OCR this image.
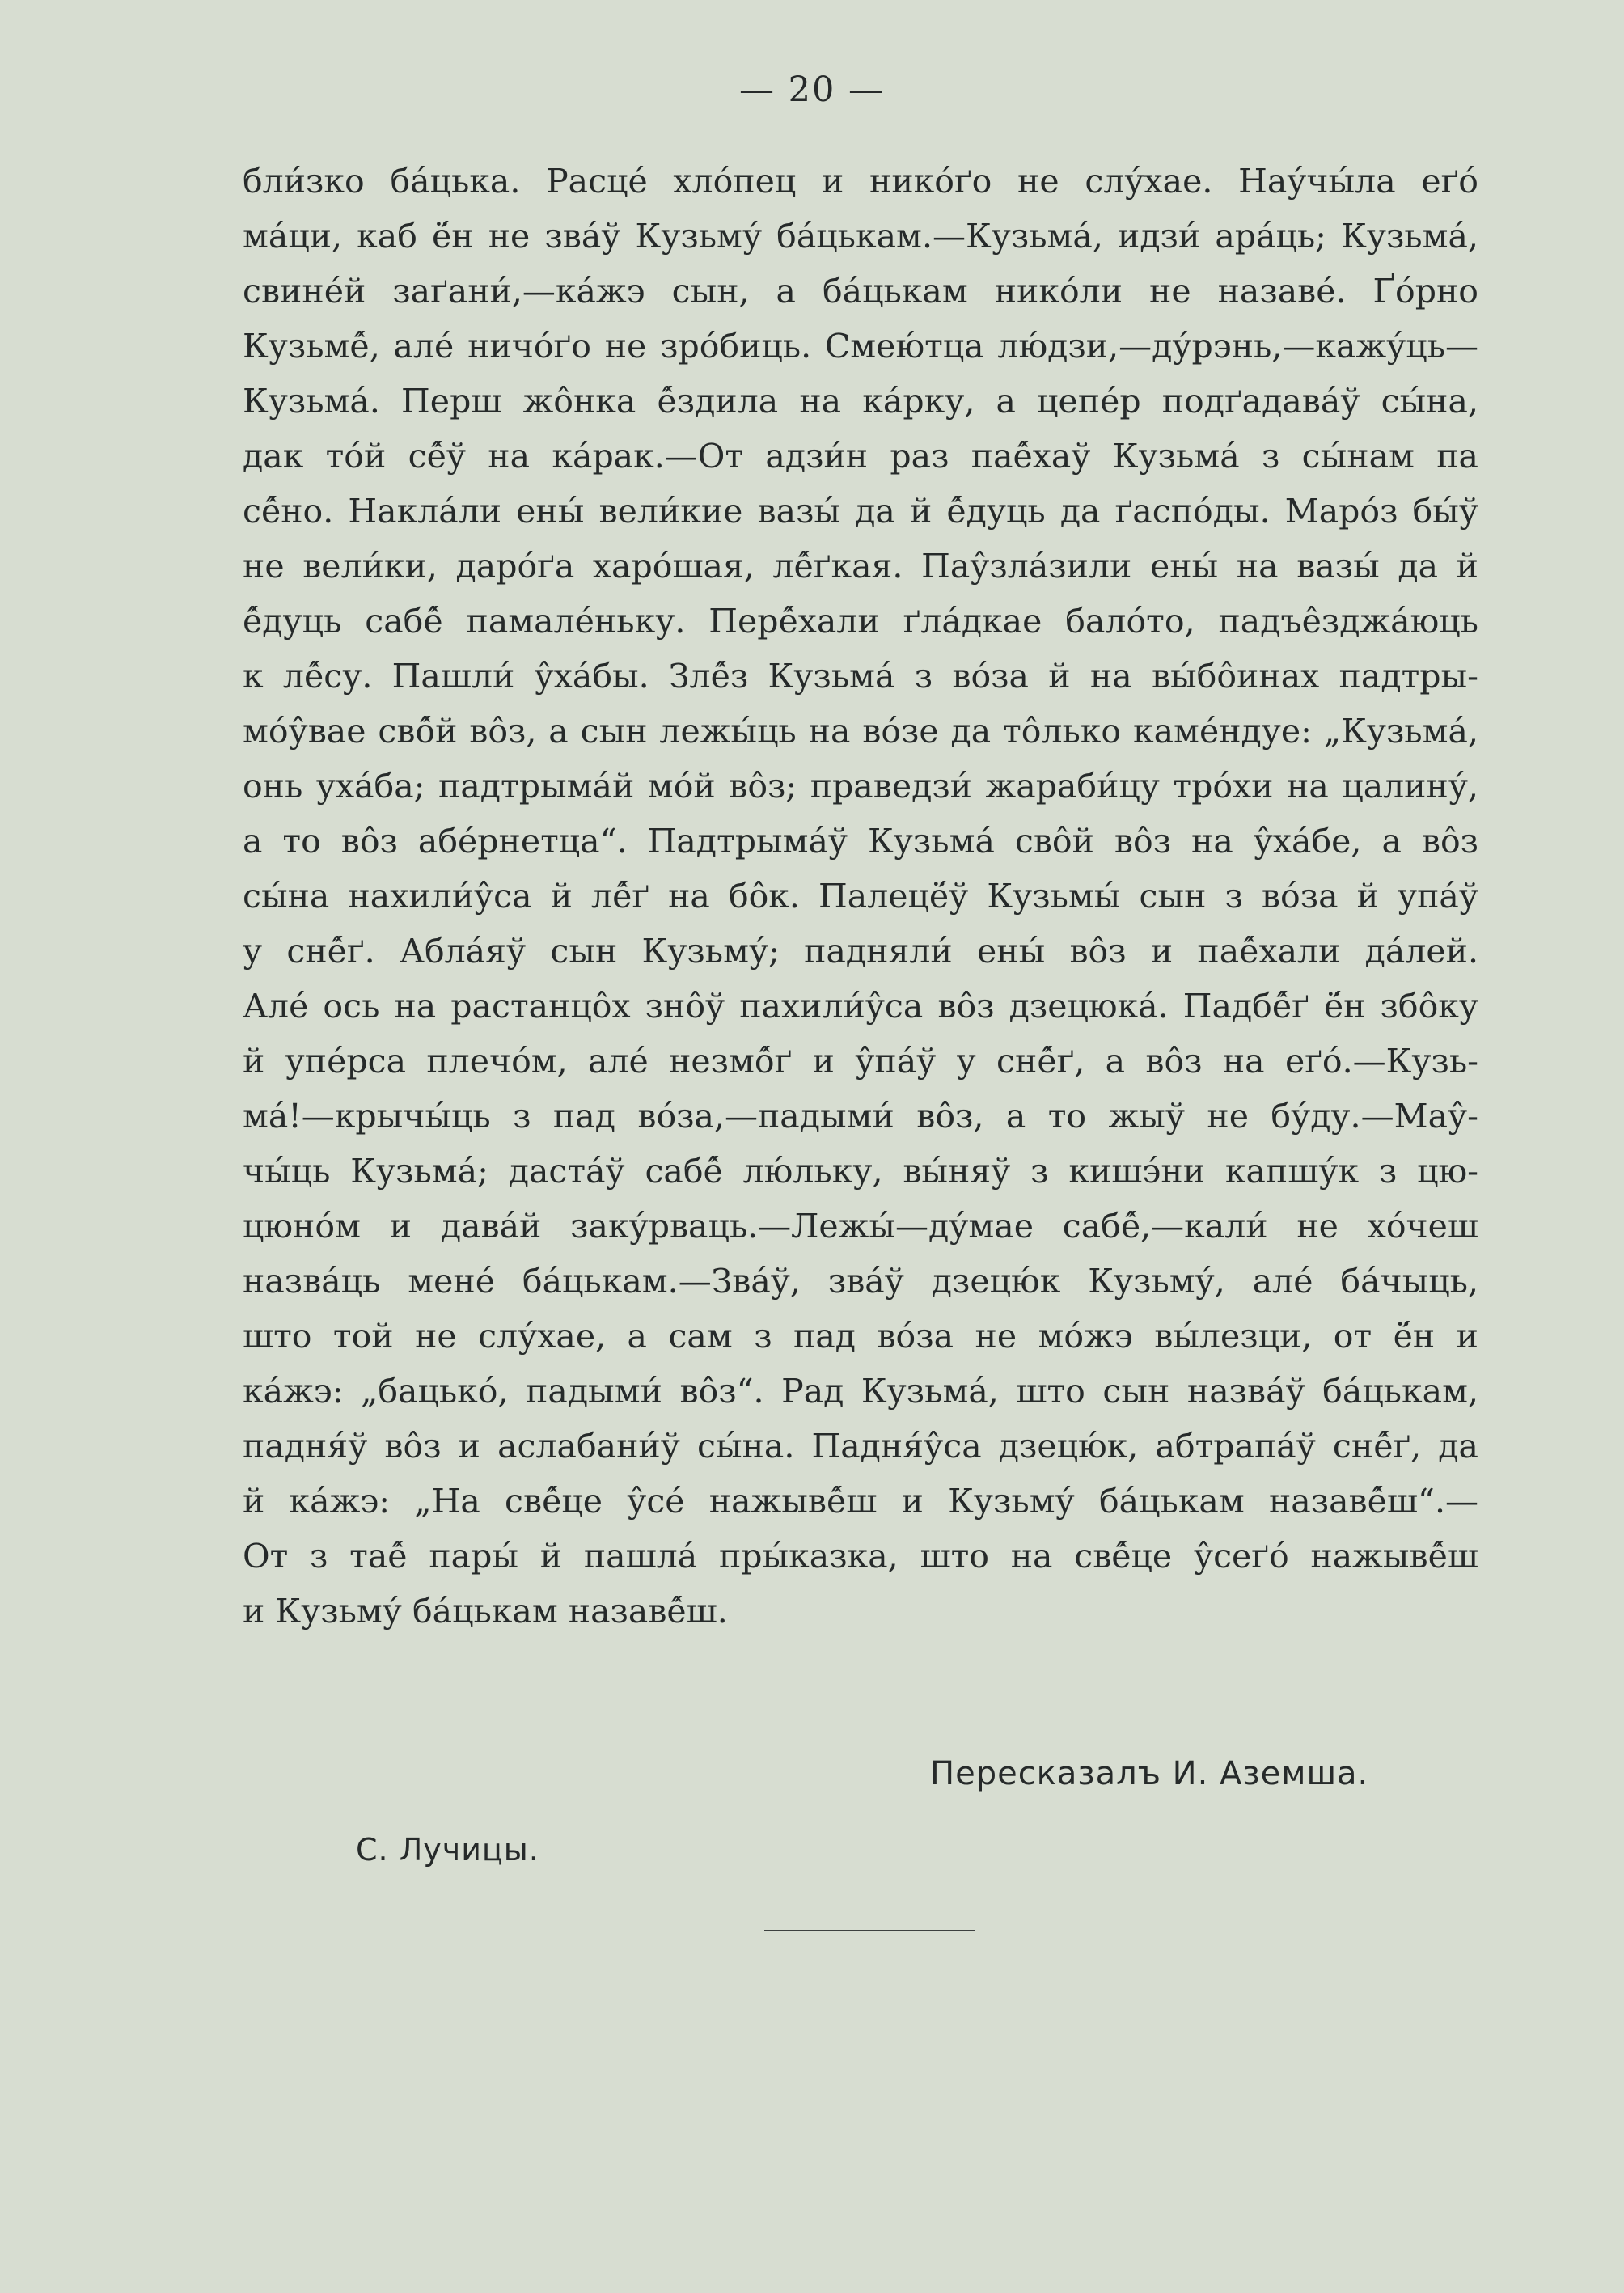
— 20 —
бли́зко ба́цька. Расце́ хло́пец и нико́ґо не слу́хае. Нау́чы́ла еґо́
ма́ци, каб ё́н не зва́ў Кузьму́ ба́цькам.—Кузьма́, идзи́ ара́ць; Кузьма́,
свине́й заґани́,—ка́жэ сын, а ба́цькам нико́ли не назаве́. Ґо́рно
Кузьме̂́, але́ ничо́ґо не зро́биць. Смею́тца лю́дзи,—ду́рэнь,—кажу́ць—
Кузьма́. Перш жо̂нка е̂́здила на ка́рку, а цепе́р подґадава́ў сы́на,
дак то́й се̂́ў на ка́рак.—От адзи́н раз пае̂́хаў Кузьма́ з сы́нам па
се̂́но. Накла́ли ены́ вели́кие вазы́ да й е̂́дуць да ґаспо́ды. Маро́з бы́ў
не вели́ки, даро́ґа харо́шая, ле̂́ґкая. Пау̂зла́зили ены́ на вазы́ да й
е̂́дуць сабе̂́ памале́ньку. Пере̂́хали ґла́дкае бало́то, падъе̂зджа́юць
к ле̂́су. Пашли́ у̂ха́бы. Зле̂́з Кузьма́ з во́за й на вы́бо̂инах падтры-
мо́у̂вае сво̂́й во̂з, а сын лежы́ць на во́зе да то̂лько каме́ндуе: „Кузьма́,
онь уха́ба; падтрыма́й мо́й во̂з; праведзи́ жараби́цу тро́хи на цалину́,
а то во̂з абе́рнетца“. Падтрыма́ў Кузьма́ сво̂й во̂з на у̂ха́бе, а во̂з
сы́на нахили́у̂са й ле̂́ґ на бо̂к. Палецё́ў Кузьмы́ сын з во́за й упа́ў
у сне̂́ґ. Абла́яў сын Кузьму́; падняли́ ены́ во̂з и пае̂́хали да́лей.
Але́ ось на растанцо̂х зно̂ў пахили́у̂са во̂з дзецюка́. Падбе̂́ґ ё́н збо̂ку
й упе́рса плечо́м, але́ незмо̂́ґ и у̂па́ў у сне̂́ґ, а во̂з на еґо́.—Кузь-
ма́!—крычы́ць з пад во́за,—падыми́ во̂з, а то жыў не бу́ду.—Мау̂-
чы́ць Кузьма́; даста́ў сабе̂́ лю́льку, вы́няў з кишэ́ни капшу́к з цю-
цюно́м и дава́й заку́рваць.—Лежы́—ду́мае сабе̂́,—кали́ не хо́чеш
назва́ць мене́ ба́цькам.—Зва́ў, зва́ў дзецю́к Кузьму́, але́ ба́чыць,
што той не слу́хае, а сам з пад во́за не мо́жэ вы́лезци, от ё́н и
ка́жэ: „бацько́, падыми́ во̂з“. Рад Кузьма́, што сын назва́ў ба́цькам,
падня́ў во̂з и аслабани́ў сы́на. Падня́у̂са дзецю́к, абтрапа́ў сне̂́ґ, да
й ка́жэ: „На све̂́це у̂се́ нажыве̂́ш и Кузьму́ ба́цькам назаве̂́ш“.—
От з тае̂́ пары́ й пашла́ пры́казка, што на све̂́це у̂сеґо́ нажыве̂́ш
и Кузьму́ ба́цькам назаве̂́ш.
Пересказалъ И. Аземша.
С. Лучицы.
